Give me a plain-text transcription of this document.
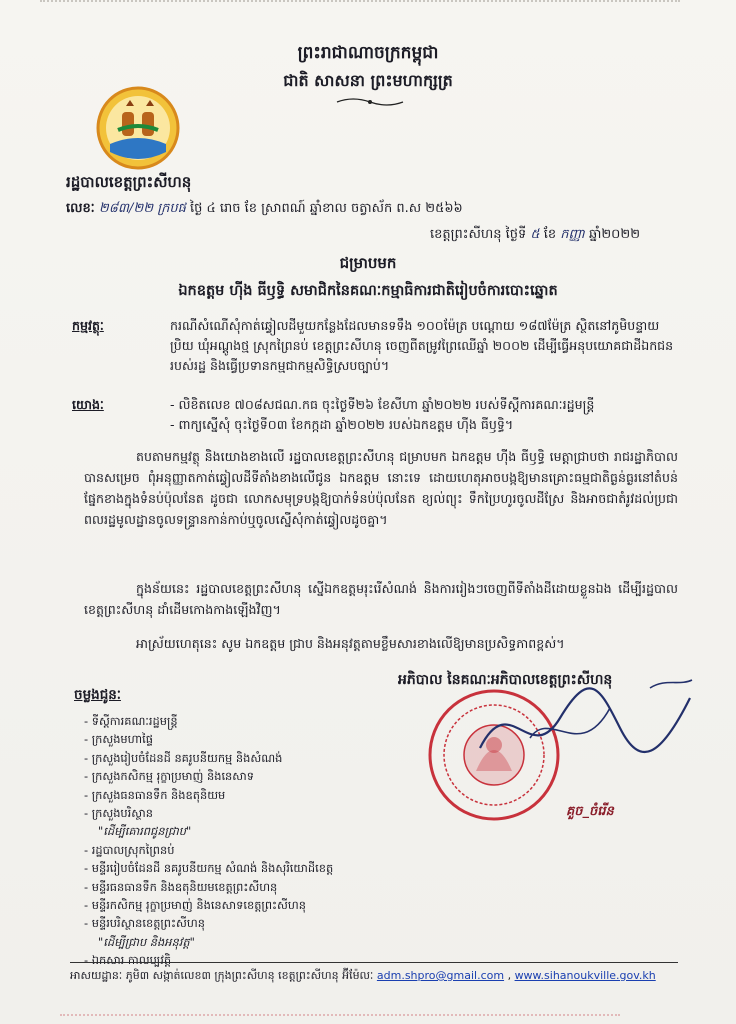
ព្រះរាជាណាចក្រកម្ពុជា
ជាតិ សាសនា ព្រះមហាក្សត្រ
រដ្ឋបាលខេត្តព្រះសីហនុ
លេខៈ ២៨៣/២២ ក្របផ ថ្ងៃ ៤ រោច ខែ ស្រាពណ៍ ឆ្នាំខាល ចត្វាស័ក ព.ស ២៥៦៦
ខេត្តព្រះសីហនុ ថ្ងៃទី ៥ ខែ កញ្ញា ឆ្នាំ២០២២
ជម្រាបមក
ឯកឧត្តម ហ៊ីង ធីឫទ្ធិ សមាជិកនៃគណៈកម្មាធិការជាតិរៀបចំការបោះឆ្នោត
កម្មវត្ថុៈ	ករណីសំណើសុំកាត់ឆ្វៀលដីមួយកន្លែងដែលមានទទឹង ១០០ម៉ែត្រ បណ្តោយ ១៨៧ម៉ែត្រ ស្ថិតនៅភូមិបន្ទាយប្រិយ ឃុំអណ្តូងថ្ម ស្រុកព្រៃនប់ ខេត្តព្រះសីហនុ ចេញពីតម្រូវព្រៃឈើឆ្នាំ ២០០២ ដើម្បីធ្វើអនុបយោគជាដីឯកជនរបស់រដ្ឋ និងធ្វើប្រទានកម្មជាកម្មសិទ្ធិស្របច្បាប់។
យោងៈ	- លិខិតលេខ ៧០៨សជណ.កធ ចុះថ្ងៃទី២៦ ខែសីហា ឆ្នាំ២០២២ របស់ទីស្តីការគណៈរដ្ឋមន្ត្រី
- ពាក្យស្នើសុំ ចុះថ្ងៃទី០៣ ខែកក្កដា ឆ្នាំ២០២២ របស់ឯកឧត្តម ហ៊ីង ធីឫទ្ធិ។
តបតាមកម្មវត្ថុ និងយោងខាងលើ រដ្ឋបាលខេត្តព្រះសីហនុ ជម្រាបមក ឯកឧត្តម ហ៊ីង ធីឫទ្ធិ មេត្តាជ្រាបថា រាជរដ្ឋាភិបាល បានសម្រេច ពុំអនុញ្ញាតកាត់ឆ្វៀលដីទីតាំងខាងលើជូន ឯកឧត្តម នោះទេ ដោយហេតុអាចបង្កឱ្យមានគ្រោះធម្មជាតិធ្ងន់ធ្ងរនៅតំបន់ផ្នែកខាងក្នុងទំនប់ប៉ុលនែត ដូចជា លោកសមុទ្របង្កឱ្យបាក់ទំនប់ប៉ុលនែត ខ្យល់ព្យុះ ទឹកប្រៃហូរចូលដីស្រែ និងអាចជាតំរូវដល់ប្រជាពលរដ្ឋមូលដ្ឋានចូលទន្ទ្រានកាន់កាប់ឬចូលស្នើសុំកាត់ឆ្វៀលដូចគ្នា។
ក្នុងន័យនេះ រដ្ឋបាលខេត្តព្រះសីហនុ ស្នើឯកឧត្តមរុះរើសំណង់ និងការរៀងៗចេញពីទីតាំងដីដោយខ្លួនឯង ដើម្បីរដ្ឋបាលខេត្តព្រះសីហនុ ដាំដើមកោងកាងឡើងវិញ។
អាស្រ័យហេតុនេះ សូម ឯកឧត្តម ជ្រាប និងអនុវត្តតាមខ្លឹមសារខាងលើឱ្យមានប្រសិទ្ធភាពខ្ពស់។
អភិបាល នៃគណៈអភិបាលខេត្តព្រះសីហនុ
គួច_ចំរើន
ចម្លងជូនៈ
- ទីស្តីការគណៈរដ្ឋមន្ត្រី
- ក្រសួងមហាផ្ទៃ
- ក្រសួងរៀបចំដែនដី នគរូបនីយកម្ម និងសំណង់
- ក្រសួងកសិកម្ម រុក្ខាប្រមាញ់ និងនេសាទ
- ក្រសួងធនធានទឹក និងឧតុនិយម
- ក្រសួងបរិស្ថាន
"ដើម្បីគោរពជូនជ្រាប"
- រដ្ឋបាលស្រុកព្រៃនប់
- មន្ទីររៀបចំដែនដី នគរូបនីយកម្ម សំណង់ និងសុរិយោដីខេត្ត
- មន្ទីរធនធានទឹក និងឧតុនិយមខេត្តព្រះសីហនុ
- មន្ទីរកសិកម្ម រុក្ខាប្រមាញ់ និងនេសាទខេត្តព្រះសីហនុ
- មន្ទីរបរិស្ថានខេត្តព្រះសីហនុ
"ដើម្បីជ្រាប និងអនុវត្ត"
- ឯកសារ កាលប្បវត្តិ
អាសយដ្ឋានៈ ភូមិ៣ សង្កាត់លេខ៣ ក្រុងព្រះសីហនុ ខេត្តព្រះសីហនុ អ៊ីម៉ែលៈ adm.shpro@gmail.com , www.sihanoukville.gov.kh
